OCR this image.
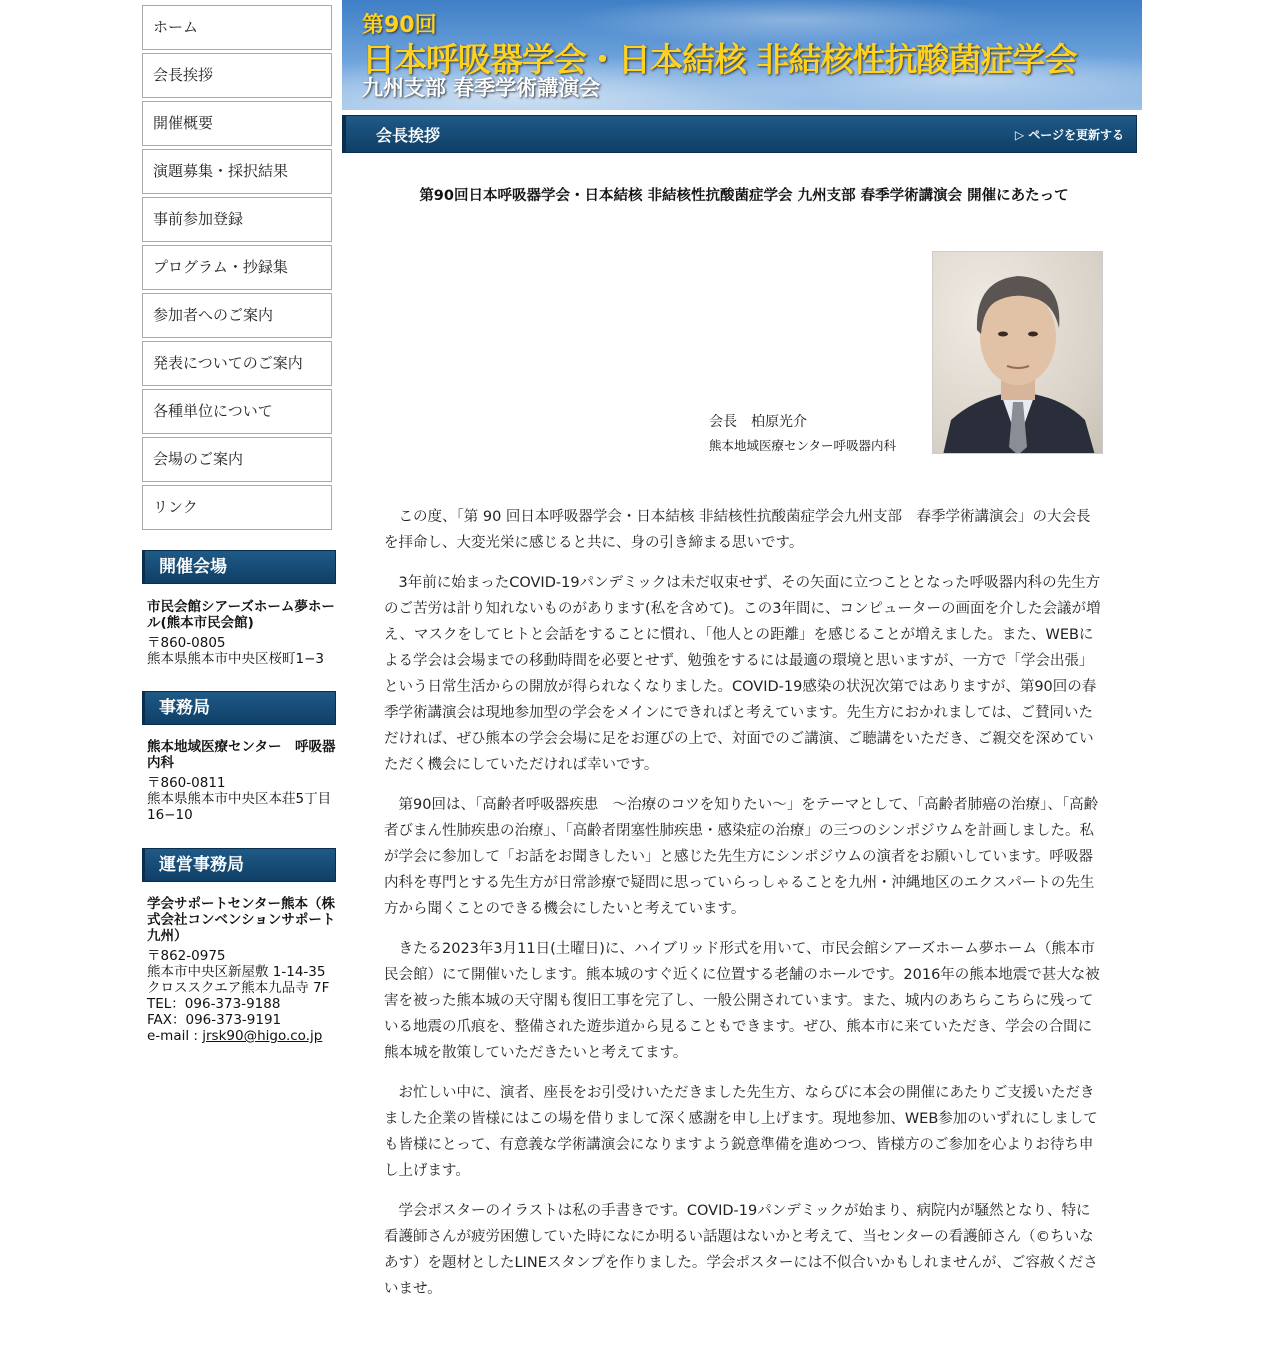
ホーム
会長挨拶
開催概要
演題募集・採択結果
事前参加登録
プログラム・抄録集
参加者へのご案内
発表についてのご案内
各種単位について
会場のご案内
リンク
開催会場
市民会館シアーズホーム夢ホール(熊本市民会館)
〒860-0805
熊本県熊本市中央区桜町1−3
事務局
熊本地域医療センター　呼吸器内科
〒860-0811
熊本県熊本市中央区本荘5丁目16−10
運営事務局
学会サポートセンター熊本（株式会社コンベンションサポート九州）
〒862-0975
熊本市中央区新屋敷 1-14-35
クロススクエア熊本九品寺 7F
TEL：096-373-9188
FAX：096-373-9191
e-mail : jrsk90@higo.co.jp
第90回
日本呼吸器学会・日本結核 非結核性抗酸菌症学会
九州支部 春季学術講演会
会長挨拶	▷ ページを更新する
第90回日本呼吸器学会・日本結核 非結核性抗酸菌症学会 九州支部 春季学術講演会 開催にあたって
会長　柏原光介
熊本地域医療センター呼吸器内科

この度、「第 90 回日本呼吸器学会・日本結核 非結核性抗酸菌症学会九州支部　春季学術講演会」の大会長を拝命し、大変光栄に感じると共に、身の引き締まる思いです。

3年前に始まったCOVID-19パンデミックは未だ収束せず、その矢面に立つこととなった呼吸器内科の先生方のご苦労は計り知れないものがあります(私を含めて)。この3年間に、コンピューターの画面を介した会議が増え、マスクをしてヒトと会話をすることに慣れ、「他人との距離」を感じることが増えました。また、WEBによる学会は会場までの移動時間を必要とせず、勉強をするには最適の環境と思いますが、一方で「学会出張」という日常生活からの開放が得られなくなりました。COVID-19感染の状況次第ではありますが、第90回の春季学術講演会は現地参加型の学会をメインにできればと考えています。先生方におかれましては、ご賛同いただければ、ぜひ熊本の学会会場に足をお運びの上で、対面でのご講演、ご聴講をいただき、ご親交を深めていただく機会にしていただければ幸いです。

第90回は、「高齢者呼吸器疾患　～治療のコツを知りたい～」をテーマとして、「高齢者肺癌の治療」、「高齢者びまん性肺疾患の治療」、「高齢者閉塞性肺疾患・感染症の治療」の三つのシンポジウムを計画しました。私が学会に参加して「お話をお聞きしたい」と感じた先生方にシンポジウムの演者をお願いしています。呼吸器内科を専門とする先生方が日常診療で疑問に思っていらっしゃることを九州・沖縄地区のエクスパートの先生方から聞くことのできる機会にしたいと考えています。

きたる2023年3月11日(土曜日)に、ハイブリッド形式を用いて、市民会館シアーズホーム夢ホーム（熊本市民会館）にて開催いたします。熊本城のすぐ近くに位置する老舗のホールです。2016年の熊本地震で甚大な被害を被った熊本城の天守閣も復旧工事を完了し、一般公開されています。また、城内のあちらこちらに残っている地震の爪痕を、整備された遊歩道から見ることもできます。ぜひ、熊本市に来ていただき、学会の合間に熊本城を散策していただきたいと考えてます。

お忙しい中に、演者、座長をお引受けいただきました先生方、ならびに本会の開催にあたりご支援いただきました企業の皆様にはこの場を借りまして深く感謝を申し上げます。現地参加、WEB参加のいずれにしましても皆様にとって、有意義な学術講演会になりますよう鋭意準備を進めつつ、皆様方のご参加を心よりお待ち申し上げます。

学会ポスターのイラストは私の手書きです。COVID-19パンデミックが始まり、病院内が騒然となり、特に看護師さんが疲労困憊していた時になにか明るい話題はないかと考えて、当センターの看護師さん（©ちいなあす）を題材としたLINEスタンプを作りました。学会ポスターには不似合いかもしれませんが、ご容赦くださいませ。
